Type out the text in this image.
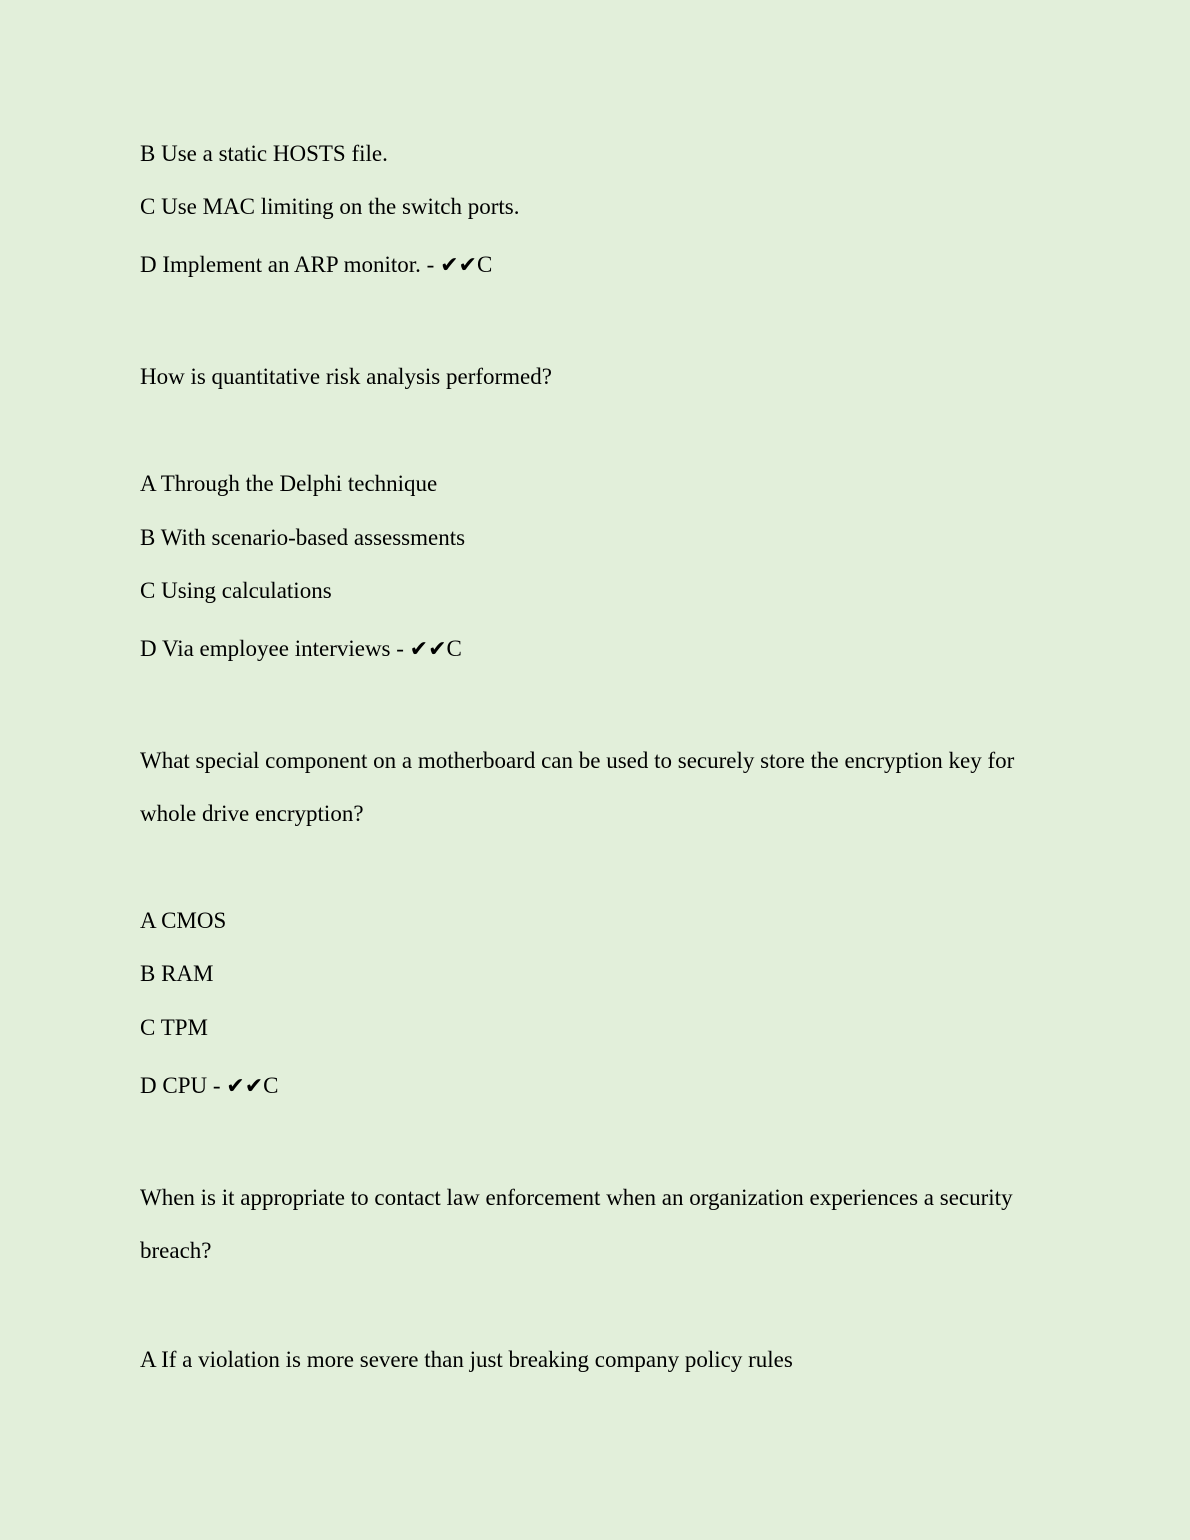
B Use a static HOSTS file.
C Use MAC limiting on the switch ports.
D Implement an ARP monitor. - ✔✔C
How is quantitative risk analysis performed?
A Through the Delphi technique
B With scenario-based assessments
C Using calculations
D Via employee interviews - ✔✔C
What special component on a motherboard can be used to securely store the encryption key for
whole drive encryption?
A CMOS
B RAM
C TPM
D CPU - ✔✔C
When is it appropriate to contact law enforcement when an organization experiences a security
breach?
A If a violation is more severe than just breaking company policy rules
